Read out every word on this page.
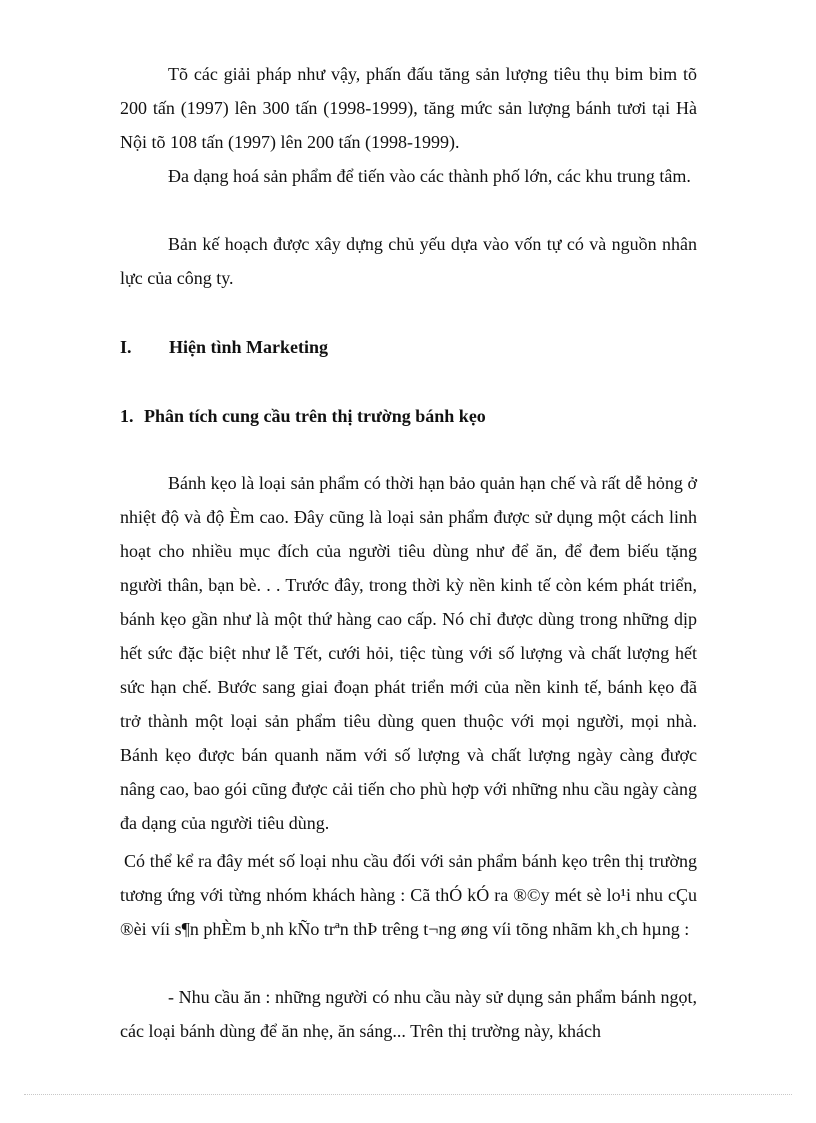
Tõ các giải pháp như vậy, phấn đấu tăng sản lượng tiêu thụ bim bim tõ 200 tấn (1997) lên 300 tấn (1998-1999), tăng mức sản lượng bánh tươi tại Hà Nội tõ 108 tấn (1997) lên 200 tấn (1998-1999).

Đa dạng hoá sản phẩm để tiến vào các thành phố lớn, các khu trung tâm.

Bản kế hoạch được xây dựng chủ yếu dựa vào vốn tự có và nguồn nhân lực của công ty.

I. Hiện tình Marketing

1. Phân tích cung cầu trên thị trường bánh kẹo

Bánh kẹo là loại sản phẩm có thời hạn bảo quản hạn chế và rất dễ hỏng ở nhiệt độ và độ Èm cao. Đây cũng là loại sản phẩm được sử dụng một cách linh hoạt cho nhiều mục đích của người tiêu dùng như để ăn, để đem biếu tặng người thân, bạn bè. . . Trước đây, trong thời kỳ nền kinh tế còn kém phát triển, bánh kẹo gần như là một thứ hàng cao cấp. Nó chỉ được dùng trong những dịp hết sức đặc biệt như lễ Tết, cưới hỏi, tiệc tùng với số lượng và chất lượng hết sức hạn chế. Bước sang giai đoạn phát triển mới của nền kinh tế, bánh kẹo đã trở thành một loại sản phẩm tiêu dùng quen thuộc với mọi người, mọi nhà. Bánh kẹo được bán quanh năm với số lượng và chất lượng ngày càng được nâng cao, bao gói cũng được cải tiến cho phù hợp với những nhu cầu ngày càng đa dạng của người tiêu dùng.

Có thể kể ra đây mét số loại nhu cầu đối với sản phẩm bánh kẹo trên thị trường tương ứng với từng nhóm khách hàng : Cã thÓ kÓ ra ®©y mét sè lo¹i nhu cÇu ®èi víi s¶n phÈm b¸nh kÑo trªn thÞ trêng t¬ng øng víi tõng nhãm kh¸ch hµng :

- Nhu cầu ăn : những người có nhu cầu này sử dụng sản phẩm bánh ngọt, các loại bánh dùng để ăn nhẹ, ăn sáng... Trên thị trường này, khách
